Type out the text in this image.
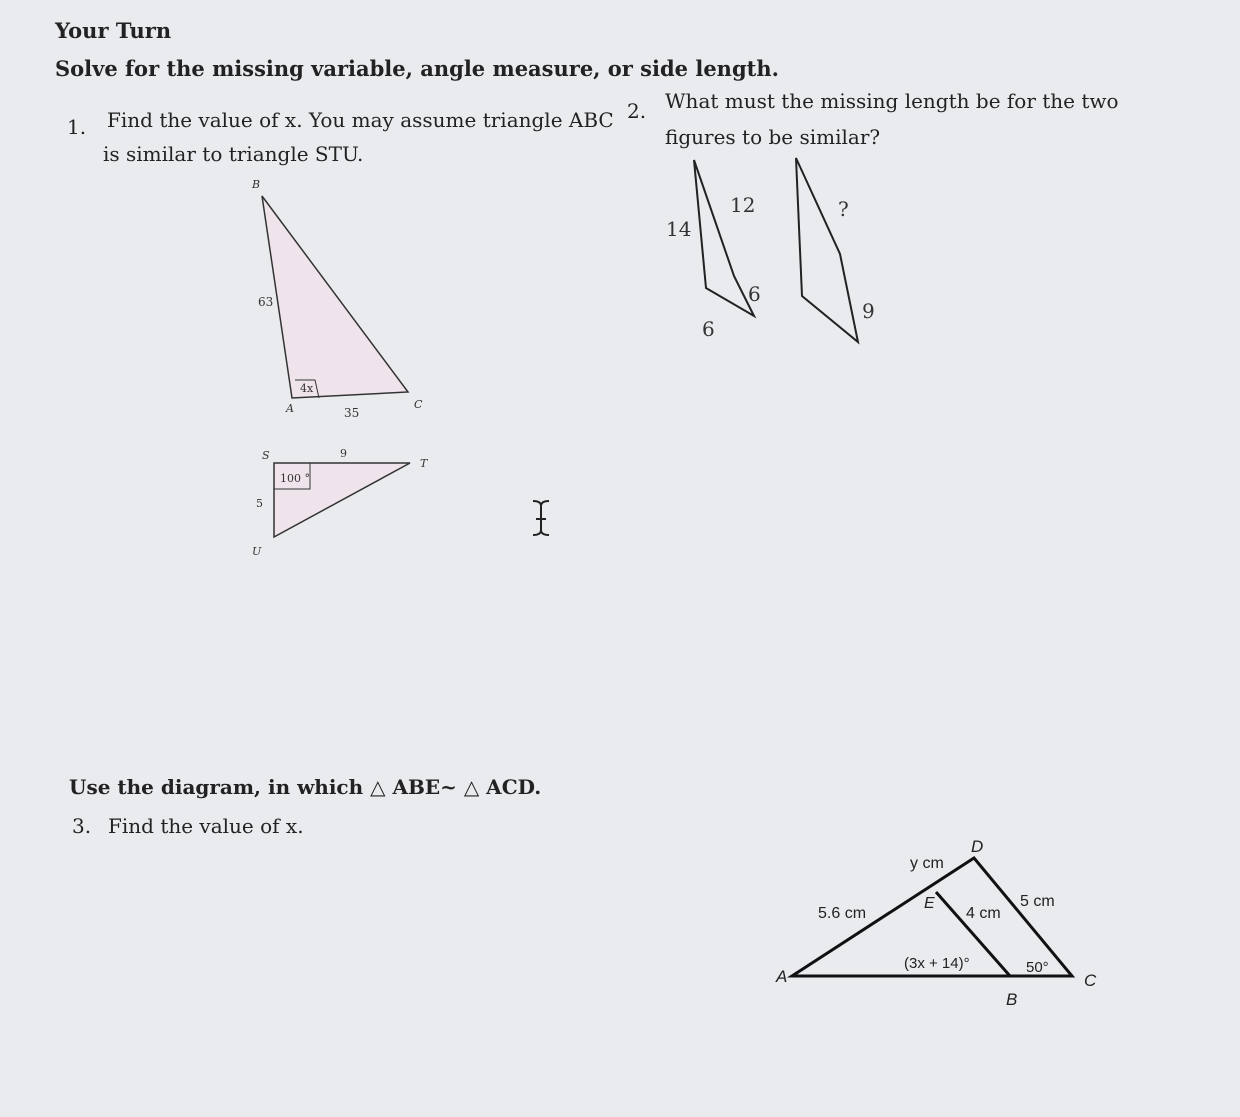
Your Turn
Solve for the missing variable, angle measure, or side length.
1. Find the value of x. You may assume triangle ABC
is similar to triangle STU.
2. What must the missing length be for the two
figures to be similar?
B
63
4x
A	35
C
S	9
T
100 °
5
U
14
12
6
6
?
9
Use the diagram, in which △ ABE~ △ ACD.
3. Find the value of x.
D
y cm
E
5.6 cm	4 cm
5 cm
(3x + 14)°	50°
A	C
B
